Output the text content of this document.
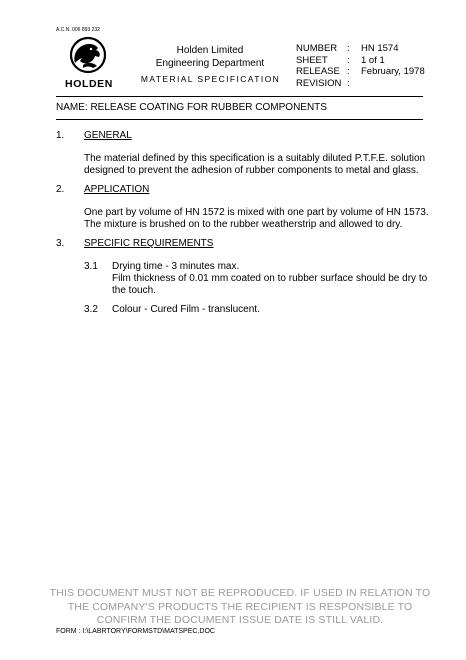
A.C.N. 006 893 232
HOLDEN
Holden Limited
Engineering Department
MATERIAL SPECIFICATION
NUMBER	:	HN 1574
SHEET	:	1 of 1
RELEASE	:	February, 1978
REVISION	:	
NAME: RELEASE COATING FOR RUBBER COMPONENTS
1. GENERAL
The material defined by this specification is a suitably diluted P.T.F.E. solution
designed to prevent the adhesion of rubber components to metal and glass.
2. APPLICATION
One part by volume of HN 1572 is mixed with one part by volume of HN 1573.
The mixture is brushed on to the rubber weatherstrip and allowed to dry.
3. SPECIFIC REQUIREMENTS
3.1 Drying time - 3 minutes max.
Film thickness of 0.01 mm coated on to rubber surface should be dry to
the touch.
3.2 Colour - Cured Film - translucent.
THIS DOCUMENT MUST NOT BE REPRODUCED. IF USED IN RELATION TO
THE COMPANY'S PRODUCTS THE RECIPIENT IS RESPONSIBLE TO
CONFIRM THE DOCUMENT ISSUE DATE IS STILL VALID.
FORM : I:\LABRTORY\FORMSTD\MATSPEC.DOC
